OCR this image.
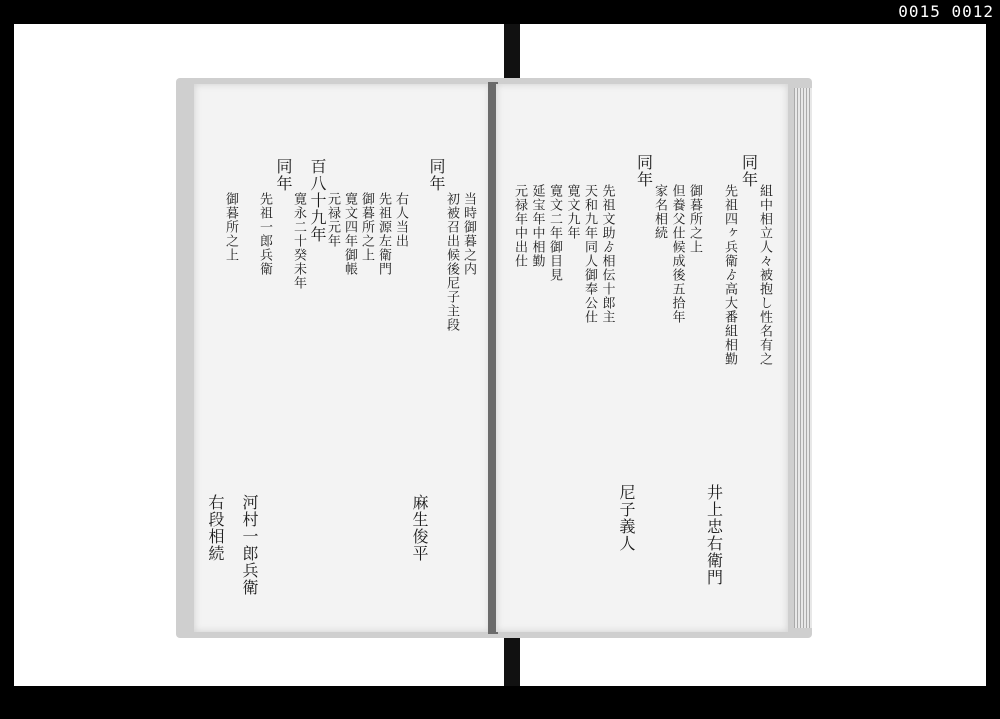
0015 0012
当時御暮之内
初被召出候後尼子主段
同年
麻生俊平
右人当出
先祖源左衛門
御暮所之上
寛文四年御帳
元禄元年
百八十九年
寛永二十癸未年
同年
先祖一郎兵衛
河村一郎兵衛
御暮所之上
右段相続
組中相立人々被抱し性名有之
同年
先祖四ヶ兵衛ゟ高大番組相勤
井上忠右衛門
御暮所之上
但養父仕候成後五拾年
家名相続
同年
尼子義人
先祖文助ゟ相伝十郎主
天和九年同人御奉公仕
寛文九年
寛文二年御目見
延宝年中相勤
元禄年中出仕
